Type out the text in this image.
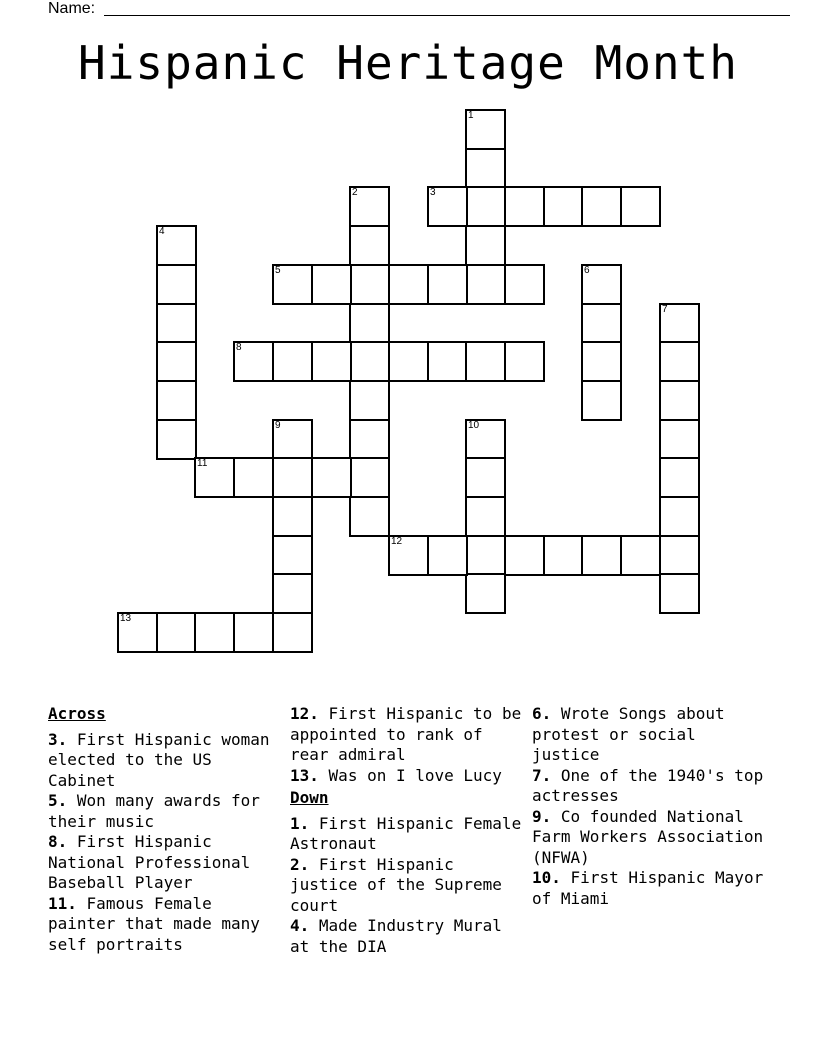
Name:
Hispanic Heritage Month
1
2	3
4
5	6
7
8
9	10
11
12
13
Across
3. First Hispanic woman elected to the US Cabinet
5. Won many awards for their music
8. First Hispanic National Professional Baseball Player
11. Famous Female painter that made many self portraits
12. First Hispanic to be appointed to rank of rear admiral
13. Was on I love Lucy
Down
1. First Hispanic Female Astronaut
2. First Hispanic justice of the Supreme court
4. Made Industry Mural at the DIA
6. Wrote Songs about protest or social justice
7. One of the 1940's top actresses
9. Co founded National Farm Workers Association (NFWA)
10. First Hispanic Mayor of Miami
